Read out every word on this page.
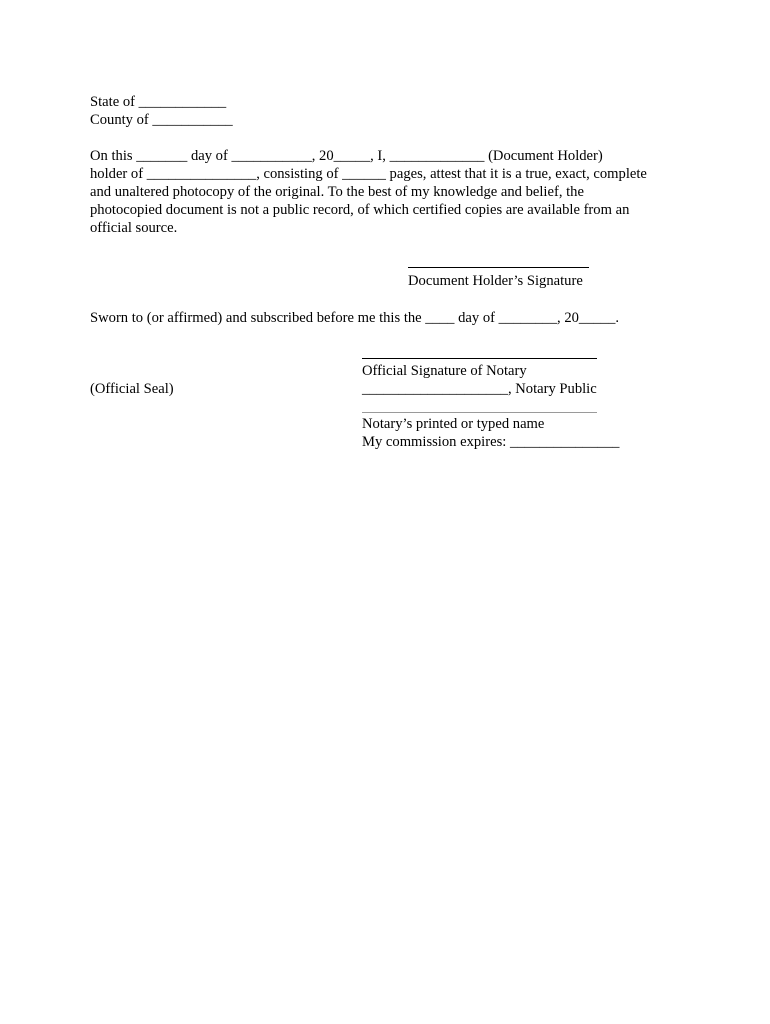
State of ____________
County of ___________
On this _______ day of ___________, 20_____, I, _____________ (Document Holder)
holder of _______________, consisting of ______ pages, attest that it is a true, exact, complete
and unaltered photocopy of the original. To the best of my knowledge and belief, the
photocopied document is not a public record, of which certified copies are available from an
official source.
Document Holder’s Signature
Sworn to (or affirmed) and subscribed before me this the ____ day of ________, 20_____.
Official Signature of Notary
(Official Seal)	____________________, Notary Public
Notary’s printed or typed name
My commission expires: _______________
